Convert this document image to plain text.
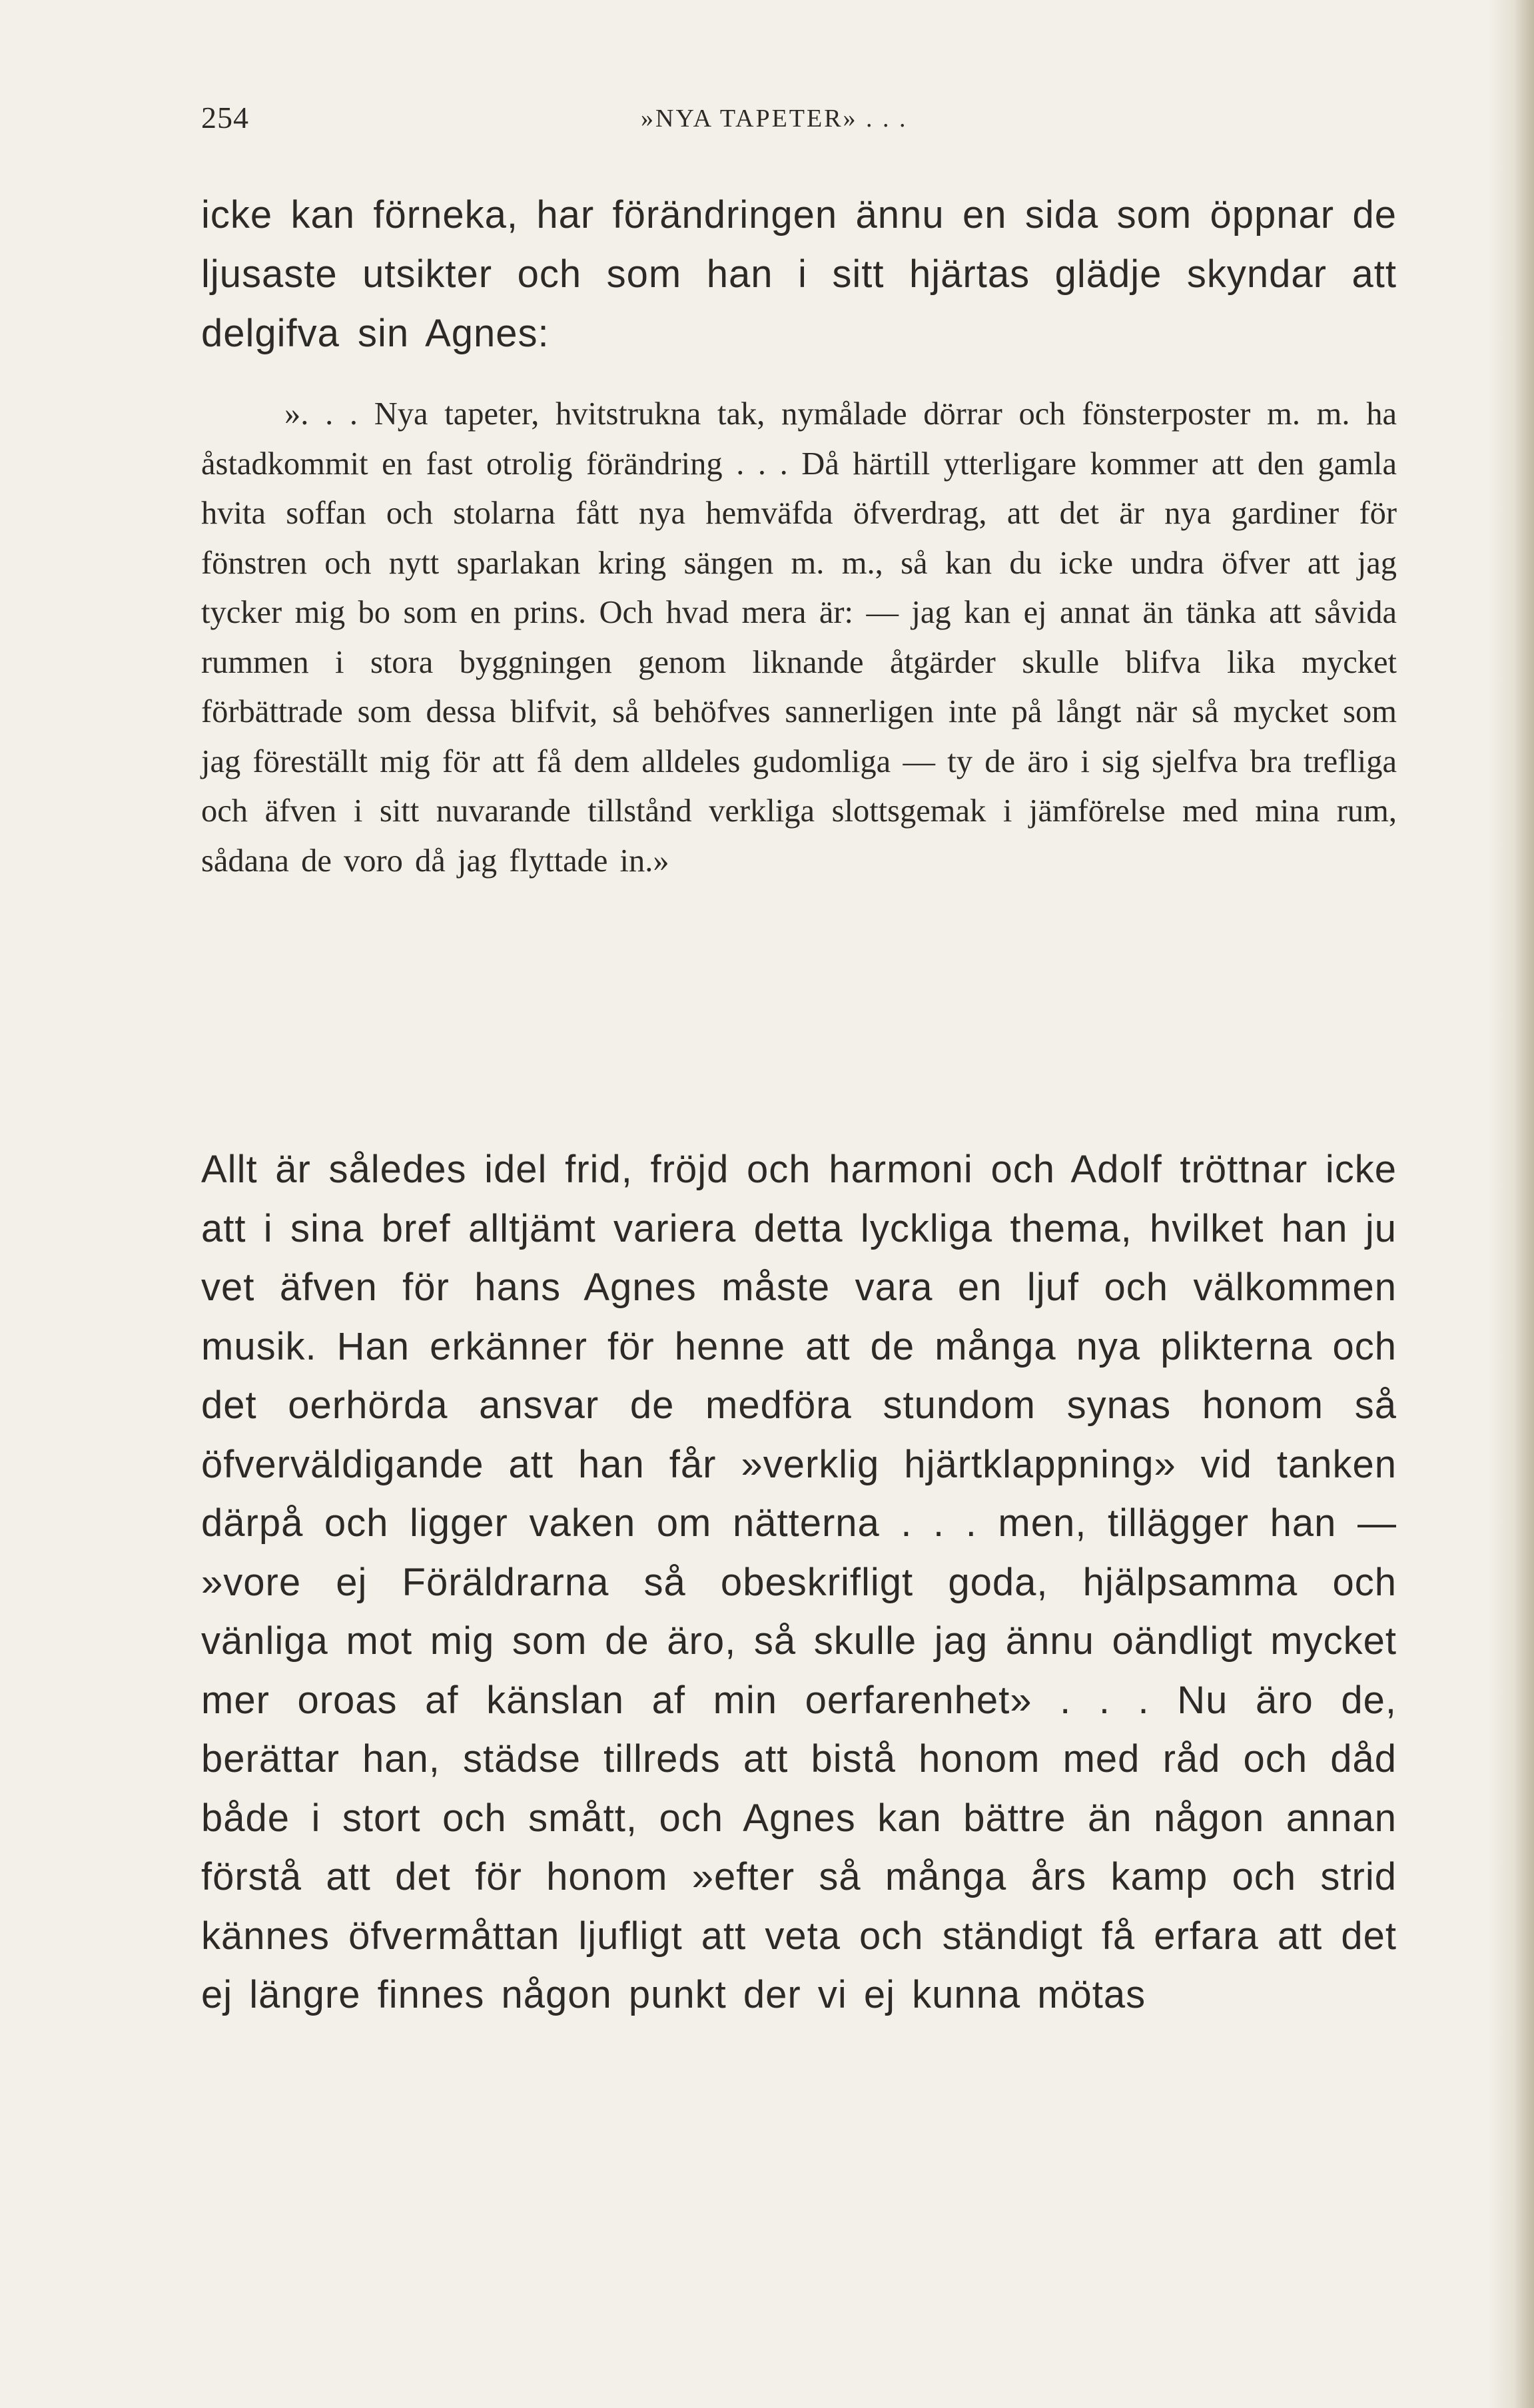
254	»NYA TAPETER» . . .

icke kan förneka, har förändringen ännu en sida som öppnar de ljusaste utsikter och som han i sitt hjärtas glädje skyndar att delgifva sin Agnes:

». . . Nya tapeter, hvitstrukna tak, nymålade dörrar och fönsterposter m. m. ha åstadkommit en fast otrolig förändring . . . Då härtill ytterligare kommer att den gamla hvita soffan och stolarna fått nya hemväfda öfverdrag, att det är nya gardiner för fönstren och nytt sparlakan kring sängen m. m., så kan du icke undra öfver att jag tycker mig bo som en prins. Och hvad mera är: — jag kan ej annat än tänka att såvida rummen i stora byggningen genom liknande åtgärder skulle blifva lika mycket förbättrade som dessa blifvit, så behöfves sannerligen inte på långt när så mycket som jag föreställt mig för att få dem alldeles gudomliga — ty de äro i sig sjelfva bra trefliga och äfven i sitt nuvarande tillstånd verkliga slottsgemak i jämförelse med mina rum, sådana de voro då jag flyttade in.»

Allt är således idel frid, fröjd och harmoni och Adolf tröttnar icke att i sina bref alltjämt variera detta lyckliga thema, hvilket han ju vet äfven för hans Agnes måste vara en ljuf och välkommen musik. Han erkänner för henne att de många nya plikterna och det oerhörda ansvar de medföra stundom synas honom så öfverväldigande att han får »verklig hjärtklappning» vid tanken därpå och ligger vaken om nätterna . . . men, tillägger han — »vore ej Föräldrarna så obeskrifligt goda, hjälpsamma och vänliga mot mig som de äro, så skulle jag ännu oändligt mycket mer oroas af känslan af min oerfarenhet» . . . Nu äro de, berättar han, städse tillreds att bistå honom med råd och dåd både i stort och smått, och Agnes kan bättre än någon annan förstå att det för honom »efter så många års kamp och strid kännes öfvermåttan ljufligt att veta och ständigt få erfara att det ej längre finnes någon punkt der vi ej kunna mötas
